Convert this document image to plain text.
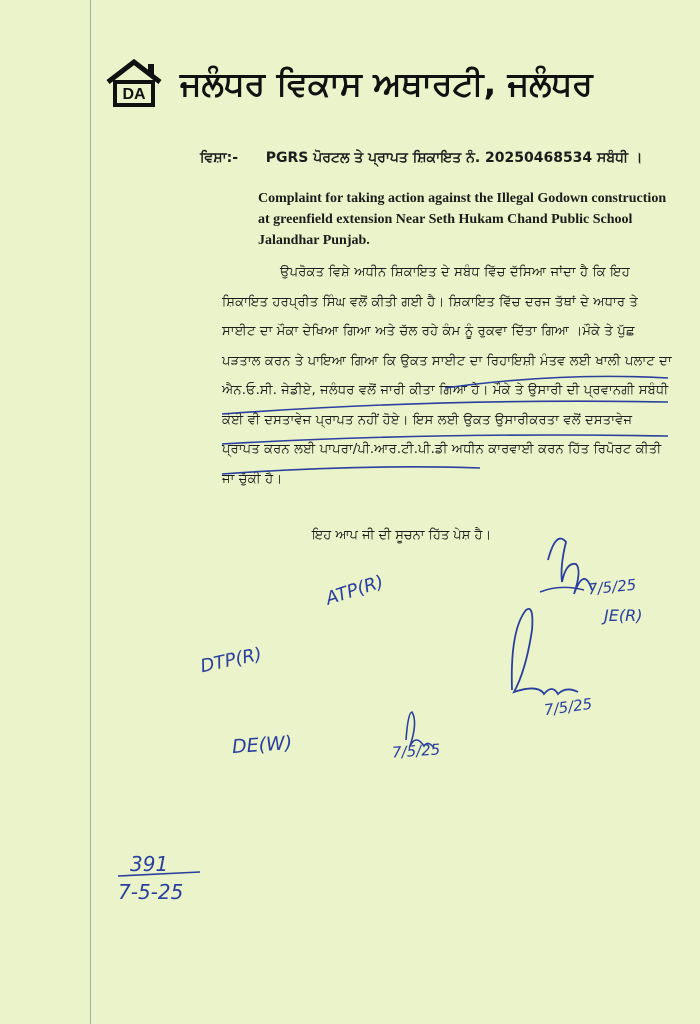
DA ਜਲੰਧਰ ਵਿਕਾਸ ਅਥਾਰਟੀ, ਜਲੰਧਰ
ਵਿਸ਼ਾ:- PGRS ਪੋਰਟਲ ਤੇ ਪ੍ਰਾਪਤ ਸ਼ਿਕਾਇਤ ਨੰ. 20250468534 ਸਬੰਧੀ ।
Complaint for taking action against the Illegal Godown construction at greenfield extension Near Seth Hukam Chand Public School Jalandhar Punjab.
ਉਪਰੋਕਤ ਵਿਸ਼ੇ ਅਧੀਨ ਸ਼ਿਕਾਇਤ ਦੇ ਸਬੰਧ ਵਿੱਚ ਦੱਸਿਆ ਜਾਂਦਾ ਹੈ ਕਿ ਇਹ ਸ਼ਿਕਾਇਤ ਹਰਪ੍ਰੀਤ ਸਿੰਘ ਵਲੋਂ ਕੀਤੀ ਗਈ ਹੈ। ਸ਼ਿਕਾਇਤ ਵਿੱਚ ਦਰਜ ਤੱਥਾਂ ਦੇ ਅਧਾਰ ਤੇ ਸਾਈਟ ਦਾ ਮੌਕਾ ਦੇਖਿਆ ਗਿਆ ਅਤੇ ਚੱਲ ਰਹੇ ਕੰਮ ਨੂੰ ਰੁਕਵਾ ਦਿੱਤਾ ਗਿਆ ।ਮੌਕੇ ਤੇ ਪੁੱਛ ਪੜਤਾਲ ਕਰਨ ਤੇ ਪਾਇਆ ਗਿਆ ਕਿ ਉਕਤ ਸਾਈਟ ਦਾ ਰਿਹਾਇਸ਼ੀ ਮੰਤਵ ਲਈ ਖਾਲੀ ਪਲਾਟ ਦਾ ਐਨ.ਓ.ਸੀ. ਜੇਡੀਏ, ਜਲੰਧਰ ਵਲੋਂ ਜਾਰੀ ਕੀਤਾ ਗਿਆ ਹੈ। ਮੌਕੇ ਤੇ ਉਸਾਰੀ ਦੀ ਪ੍ਰਵਾਨਗੀ ਸਬੰਧੀ ਕੋਈ ਵੀ ਦਸਤਾਵੇਜ ਪ੍ਰਾਪਤ ਨਹੀਂ ਹੋਏ। ਇਸ ਲਈ ਉਕਤ ਉਸਾਰੀਕਰਤਾ ਵਲੋਂ ਦਸਤਾਵੇਜ ਪ੍ਰਾਪਤ ਕਰਨ ਲਈ ਪਾਪਰਾ/ਪੀ.ਆਰ.ਟੀ.ਪੀ.ਡੀ ਅਧੀਨ ਕਾਰਵਾਈ ਕਰਨ ਹਿੱਤ ਰਿਪੋਰਟ ਕੀਤੀ ਜਾ ਚੁੱਕੀ ਹੈ।
ਇਹ ਆਪ ਜੀ ਦੀ ਸੂਚਨਾ ਹਿੱਤ ਪੇਸ਼ ਹੈ।
ATP(R)	7/5/25
JE(R)
DTP(R)
7/5/25
DE(W)	7/5/25
391
7-5-25
